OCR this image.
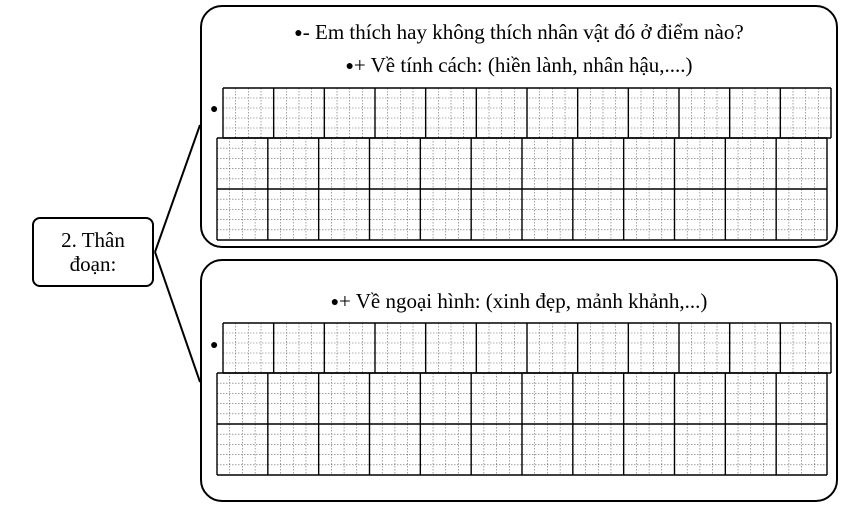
2. Thân
đoạn:
●- Em thích hay không thích nhân vật đó ở điểm nào?
●+ Về tính cách: (hiền lành, nhân hậu,....)
●
●+ Về ngoại hình: (xinh đẹp, mảnh khảnh,...)
●
